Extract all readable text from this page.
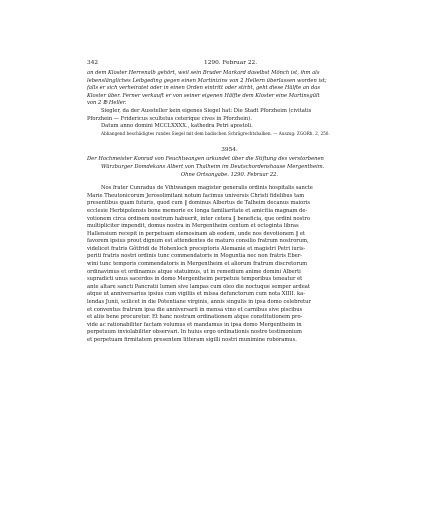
342	1290. Februar 22.
an dem Kloster Herrenalb gehört, weil sein Bruder Markard daselbst Mönch ist, ihm als
lebenslängliches Leibgeding gegen einen Martinizins von 2 Hellern überlassen worden ist;
falls er sich verheiratet oder in einen Orden eintritt oder stirbt, geht diese Hälfte an das
Kloster über. Ferner verkauft er von seiner eigenen Hälfte dem Kloster eine Martinsgült
von 2 ℔ Heller.
Siegler, da der Aussteller kein eigenes Siegel hat: Die Stadt Pforzheim (civitatis
Pforzhein — Fridericus scultetus ceterique cives in Pforzhein).
Datum anno domini MCCLXXXX., kathedra Petri apostoli.
Abhangend beschädigtes rundes Siegel mit dem badischen Schrägrechtsbalken. — Auszug: ZGORh. 2, 250.
3954.
Der Hochmeister Konrad von Feuchtwangen urkundet über die Stiftung des verstorbenen
Würzburger Domdekans Albert von Thalheim im Deutschordenshause Mergentheim.
Ohne Ortsangabe. 1290. Februar 22.
Nos frater Cunradus de Vihtwangen magister generalis ordinis hospitalis sancte
Marie Theutonicorum Jerosolimitani notum facimus universis Christi fidelibus tam
presentibus quam futuris, quod cum ‖ dominus Albertus de Talheim decanus maioris
ecclesie Herbipolensis bone memorie ex longa familiaritate et amicitia magnam de-
votionem circa ordinem nostrum habuerit, inter cetera ‖ beneficia, que ordini nostro
multipliciter impendit, domus nostra in Mergentheim centum et octoginta libras
Hallensium recepit in perpetuam elemosinam ab eodem, unde nos devotionem ‖ et
favorem ipsius prout dignum est attendentes de maturo consilio fratrum nostrorum,
videlicet fratris Gôtfridi de Hohenloch preceptoris Alemanie et magistri Petri iuris-
periti fratris nostri ordinis tunc commendatoris in Moguntia nec non fratris Eber-
wini tunc temporis commendatoris in Mergentheim et aliorum fratrum discretorum
ordinavimus et ordinamus atque statuimus, ut in remedium anime domini Alberti
supradicti unus sacerdos in domo Mergentheim perpetuis temporibus teneatur et
ante altare sancti Pancratii lumen sive lampas cum oleo die noctuque semper ardeat
atque ut anniversarius ipsius cum vigiliis et missa defunctorum cum nota XIIII. ka-
lendas Junii, scilicet in die Potentiane virginis, annis singulis in ipsa domo celebretur
et conventus fratrum ipsa die anniversarii in mensa vino et carnibus sive piscibus
et aliis bene procuretur. Et hanc nostram ordinationem atque constitutionem pro-
vide ac rationabiliter factam volumus et mandamus in ipsa domo Mergentheim in
perpetuum inviolabiliter observari. In huius ergo ordinationis nostre testimonium
et perpetuam firmitatem presentem litteram sigilli nostri munimine roboramus.
